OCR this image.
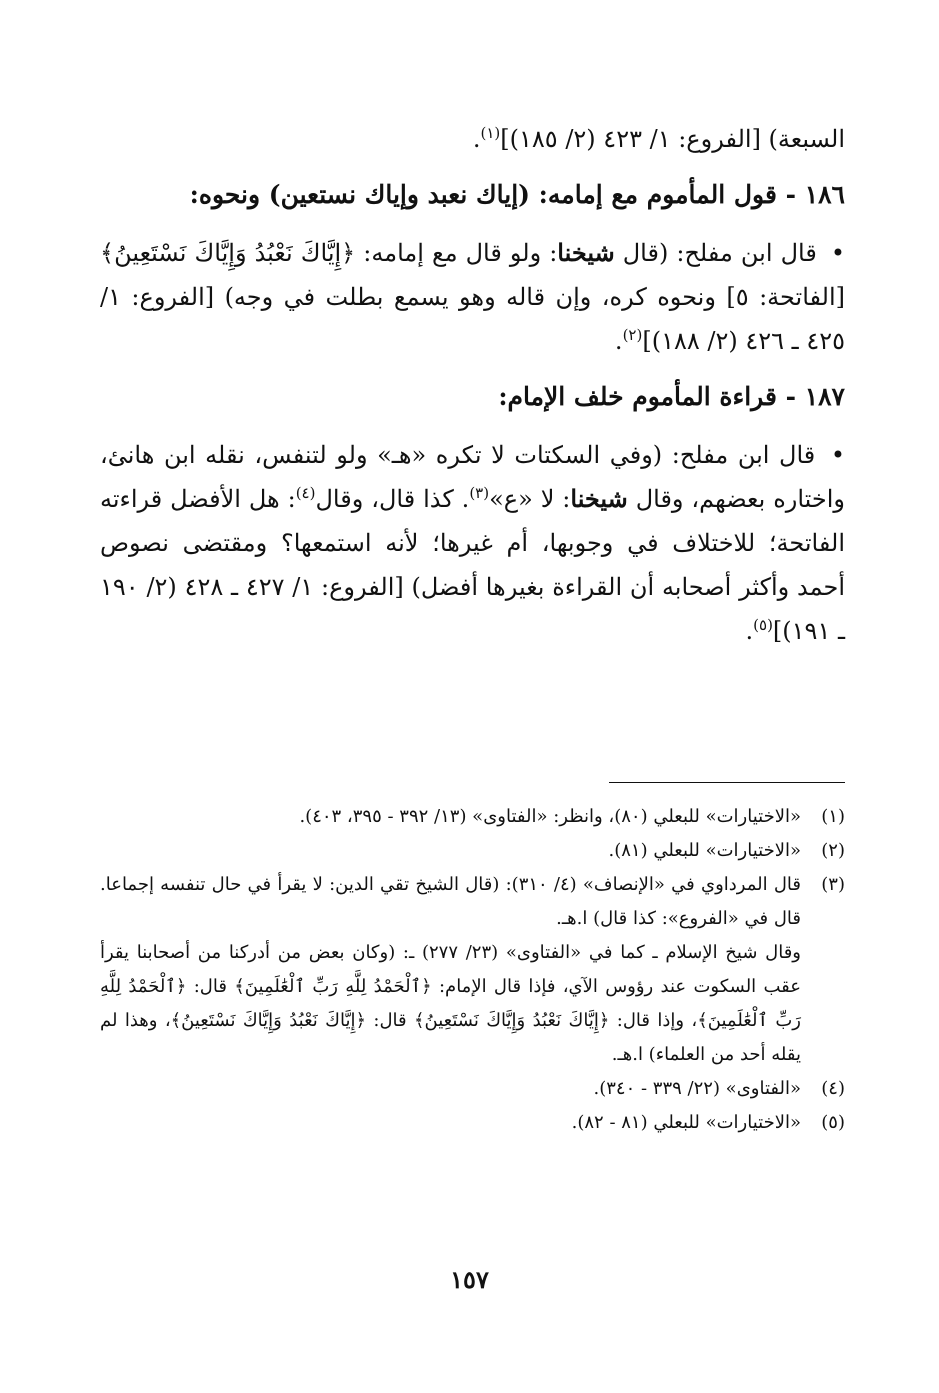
السبعة) [الفروع: ١/ ٤٢٣ (٢/ ١٨٥)]$^{(١)}$.

١٨٦ - قول المأموم مع إمامه: (إياك نعبد وإياك نستعين) ونحوه:

• قال ابن مفلح: (قال شيخنا: ولو قال مع إمامه: ﴿إِيَّاكَ نَعْبُدُ وَإِيَّاكَ نَسْتَعِينُ﴾ [الفاتحة: ٥] ونحوه كره، وإن قاله وهو يسمع بطلت في وجه) [الفروع: ١/ ٤٢٥ ـ ٤٢٦ (٢/ ١٨٨)]$^{(٢)}$.

١٨٧ - قراءة المأموم خلف الإمام:

• قال ابن مفلح: (وفي السكتات لا تكره «هـ» ولو لتنفس، نقله ابن هانئ، واختاره بعضهم، وقال شيخنا: لا «ع»$^{(٣)}$. كذا قال، وقال$^{(٤)}$: هل الأفضل قراءته الفاتحة؛ للاختلاف في وجوبها، أم غيرها؛ لأنه استمعها؟ ومقتضى نصوص أحمد وأكثر أصحابه أن القراءة بغيرها أفضل) [الفروع: ١/ ٤٢٧ ـ ٤٢٨ (٢/ ١٩٠ ـ ١٩١)]$^{(٥)}$.

(١)

«الاختيارات» للبعلي (٨٠)، وانظر: «الفتاوى» (١٣/ ٣٩٢ - ٣٩٥، ٤٠٣).

(٢)

«الاختيارات» للبعلي (٨١).

(٣)

قال المرداوي في «الإنصاف» (٤/ ٣١٠): (قال الشيخ تقي الدين: لا يقرأ في حال تنفسه إجماعا. قال في «الفروع»: كذا قال) ا.هـ.

وقال شيخ الإسلام ـ كما في «الفتاوى» (٢٣/ ٢٧٧) ـ: (وكان بعض من أدركنا من أصحابنا يقرأ عقب السكوت عند رؤوس الآي، فإذا قال الإمام: ﴿ٱلْحَمْدُ لِلَّهِ رَبِّ ٱلْعَٰلَمِينَ﴾ قال: ﴿ٱلْحَمْدُ لِلَّهِ رَبِّ ٱلْعَٰلَمِينَ﴾، وإذا قال: ﴿إِيَّاكَ نَعْبُدُ وَإِيَّاكَ نَسْتَعِينُ﴾ قال: ﴿إِيَّاكَ نَعْبُدُ وَإِيَّاكَ نَسْتَعِينُ﴾، وهذا لم يقله أحد من العلماء) ا.هـ.

(٤)

«الفتاوى» (٢٢/ ٣٣٩ - ٣٤٠).

(٥)

«الاختيارات» للبعلي (٨١ - ٨٢).

١٥٧
